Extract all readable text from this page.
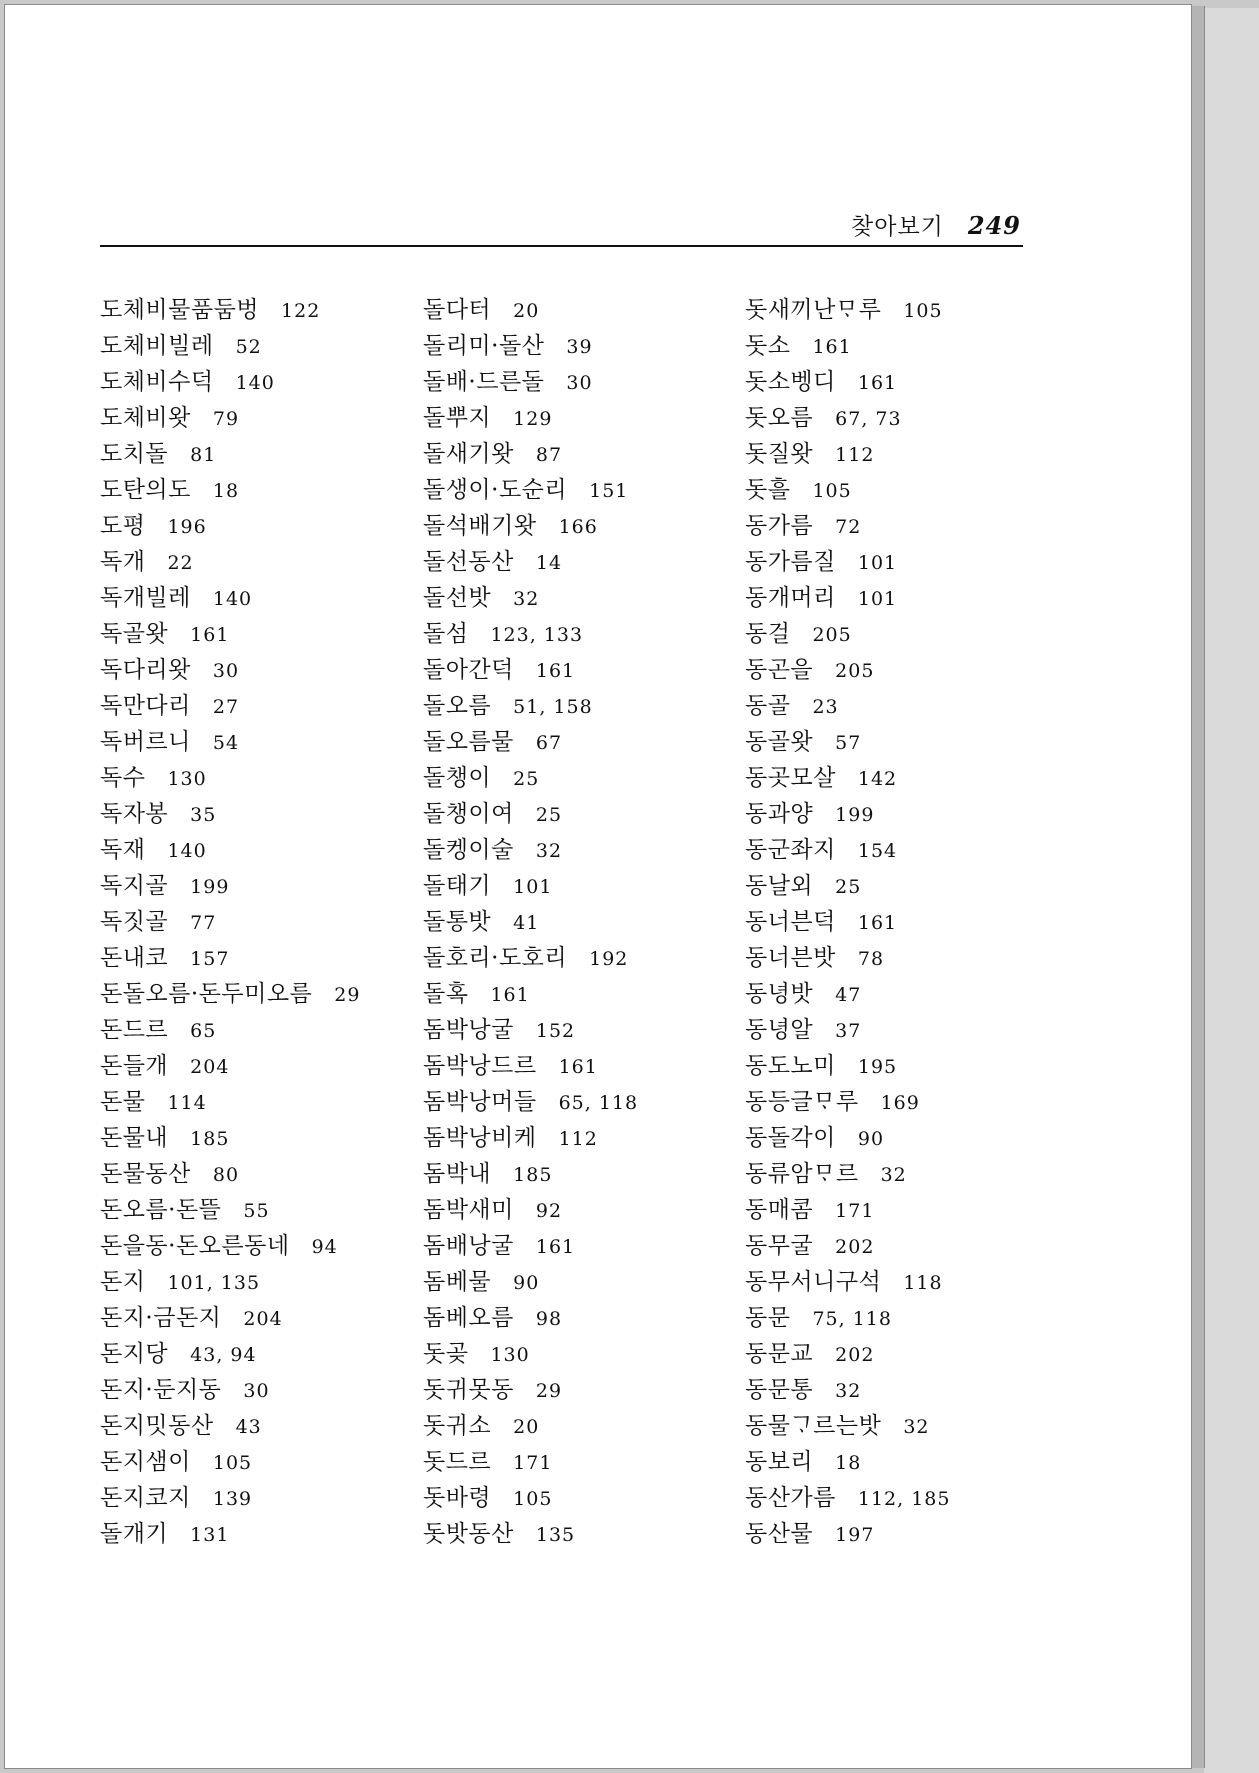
찾아보기 249
도체비물품둠벙 122
도체비빌레 52
도체비수덕 140
도체비왓 79
도치돌 81
도탄의도 18
도평 196
독개 22
독개빌레 140
독골왓 161
독다리왓 30
독만다리 27
독버르니 54
독수 130
독자봉 35
독재 140
독지골 199
독짓골 77
돈내코 157
돈돌오름·돈두미오름 29
돈드르 65
돈들개 204
돈물 114
돈물내 185
돈물동산 80
돈오름·돈뜰 55
돈을동·돈오른동네 94
돈지 101, 135
돈지·금돈지 204
돈지당 43, 94
돈지·둔지동 30
돈지밋동산 43
돈지샘이 105
돈지코지 139
돌개기 131
돌다터 20
돌리미·돌산 39
돌배·드른돌 30
돌뿌지 129
돌새기왓 87
돌생이·도순리 151
돌석배기왓 166
돌선동산 14
돌선밧 32
돌섬 123, 133
돌아간덕 161
돌오름 51, 158
돌오름물 67
돌챙이 25
돌챙이여 25
돌켕이술 32
돌태기 101
돌통밧 41
돌호리·도호리 192
돌혹 161
돔박낭굴 152
돔박낭드르 161
돔박낭머들 65, 118
돔박낭비케 112
돔박내 185
돔박새미 92
돔배낭굴 161
돔베물 90
돔베오름 98
돗곶 130
돗귀못동 29
돗귀소 20
돗드르 171
돗바령 105
돗밧동산 135
돗새끼난ᄆᆞ루 105
돗소 161
돗소벵디 161
돗오름 67, 73
돗질왓 112
돗흘 105
동가름 72
동가름질 101
동개머리 101
동걸 205
동곤을 205
동골 23
동골왓 57
동곳모살 142
동과양 199
동군좌지 154
동날외 25
동너븐덕 161
동너븐밧 78
동녕밧 47
동녕알 37
동도노미 195
동등글ᄆᆞ루 169
동돌각이 90
동류암ᄆᆞ르 32
동매콤 171
동무굴 202
동무서니구석 118
동문 75, 118
동문교 202
동문통 32
동물ᄀᆞ르는밧 32
동보리 18
동산가름 112, 185
동산물 197
